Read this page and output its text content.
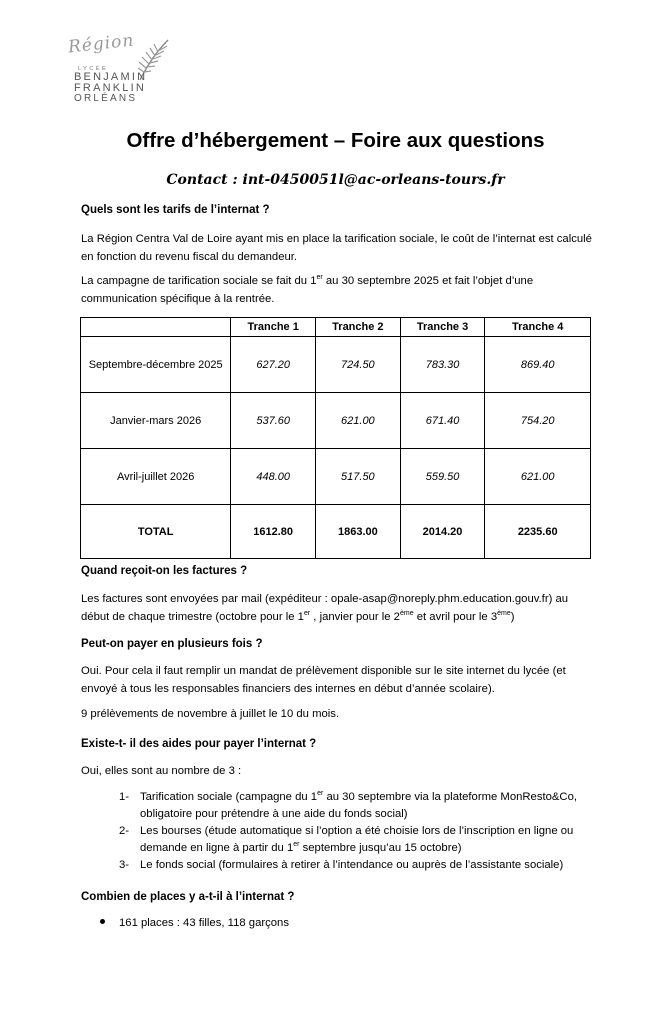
Région
LYCÉE
BENJAMIN
FRANKLIN
ORLÉANS
Offre d’hébergement – Foire aux questions
Contact : int-0450051l@ac-orleans-tours.fr
Quels sont les tarifs de l’internat ?
La Région Centra Val de Loire ayant mis en place la tarification sociale, le coût de l’internat est calculé en fonction du revenu fiscal du demandeur.
La campagne de tarification sociale se fait du 1er au 30 septembre 2025 et fait l’objet d’une communication spécifique à la rentrée.
	Tranche 1	Tranche 2	Tranche 3	Tranche 4
Septembre-décembre 2025	627.20	724.50	783.30	869.40
Janvier-mars 2026	537.60	621.00	671.40	754.20
Avril-juillet 2026	448.00	517.50	559.50	621.00
TOTAL	1612.80	1863.00	2014.20	2235.60
Quand reçoit-on les factures ?
Les factures sont envoyées par mail (expéditeur : opale-asap@noreply.phm.education.gouv.fr) au début de chaque trimestre (octobre pour le 1er , janvier pour le 2ème et avril pour le 3ème)
Peut-on payer en plusieurs fois ?
Oui. Pour cela il faut remplir un mandat de prélèvement disponible sur le site internet du lycée (et envoyé à tous les responsables financiers des internes en début d’année scolaire).
9 prélèvements de novembre à juillet le 10 du mois.
Existe-t- il des aides pour payer l’internat ?
Oui, elles sont au nombre de 3 :
1- Tarification sociale (campagne du 1er au 30 septembre via la plateforme MonResto&Co, obligatoire pour prétendre à une aide du fonds social)
2- Les bourses (étude automatique si l’option a été choisie lors de l’inscription en ligne ou demande en ligne à partir du 1er septembre jusqu’au 15 octobre)
3- Le fonds social (formulaires à retirer à l’intendance ou auprès de l’assistante sociale)
Combien de places y a-t-il à l’internat ?
161 places : 43 filles, 118 garçons
